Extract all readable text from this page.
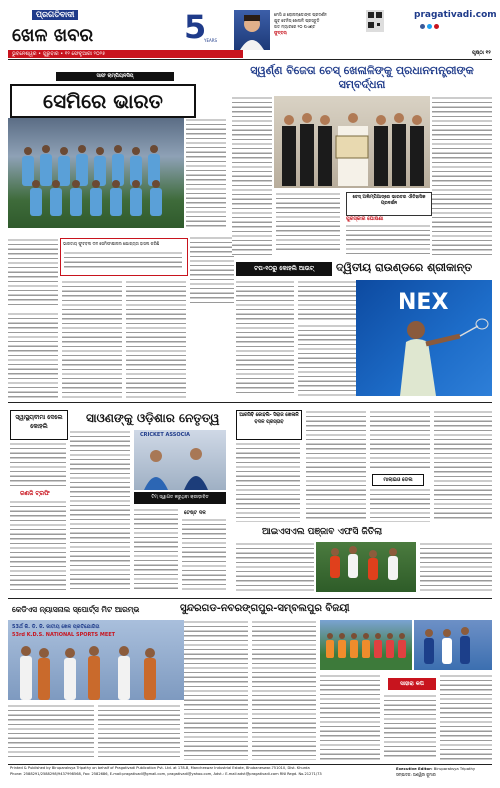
ପ୍ରଗତିବାଦୀ
ଖେଳ ଖବର
ଭୁବନେଶ୍ୱର • ଗୁରୁବାର • ୧୨ ଫେବୃଆରୀ ୨୦୨୫
5
YEARS
ମେସି ଓ ରୋନାଲ୍ଡୋଙ୍କ ପ୍ରଦର୍ଶନ
ଯୁବ ଟେନିସ୍ ଖେଳାଳି ପ୍ରସ୍ତୁତି
ଗତ ମ୍ୟାଚରେ ୨୦ ପଏଣ୍ଟ
ଫୁଟ୍ବଲ୍
pragativadi.com
ପୃଷ୍ଠା ୧୨
ସାଫ ଚାମ୍ପିୟନସିପ୍
ସେମିରେ ଭାରତ
ଭାରତୀୟ ଫୁଟବଲ ଦଳ ସେମିଫାଇନାଲ ଯୋଗ୍ୟତା ହାସଲ କରିଛି
ସ୍ୱର୍ଣ୍ଣ ବିଜେତା ଚେସ୍ ଖେଳାଳିଙ୍କୁ ପ୍ରଧାନମନ୍ତ୍ରୀଙ୍କ ସମ୍ବର୍ଦ୍ଧନା
ଚେସ୍ ଅଲିମ୍ପିଆଡ୍ରେ ଭାରତର ଐତିହାସିକ ପ୍ରଦର୍ଶନ
ପୁରସ୍କାର ଘୋଷଣା
ଟପ-୧୦ରୁ କୋହଲି ଆଉଟ୍	ଦ୍ୱିତୀୟ ରାଉଣ୍ଡରେ ଶ୍ରୀକାନ୍ତ
NEX
ସ୍ୱାସ୍ଥ୍ୟବୀମା ଦେଲେ କୋହଲି
ରଣଜି ଟ୍ରଫି
ସାଓଣଙ୍କୁ ଓଡ଼ିଶାର ନେତୃତ୍ୱ
CRICKET ASSOCIA
ଟିମ୍ ସ୍ୱାଗତ କରୁଥିବା କ୍ରୀଡ଼ାବିତ
ଟେଷ୍ଟ ଦଳ
ଆରସିବି କୋହଲି- ସିରାଜ ଖେଳାଳି ବଦଳ ପ୍ରସ୍ତାବ
ମାଲାଇଓ ଡେଲ
ଆଇଏସଏଲ ପଞ୍ଜାବ ଏଫସି ଜିତିଲା
କେଡିଏସ ନ୍ୟାସନାଲ ସ୍ପୋର୍ଟ୍ସ ମିଟ ଆରମ୍ଭ	ସୁନ୍ଦରଗଡ-ନବରଙ୍ଗପୁର-ସମ୍ବଲପୁର ବିଜୟୀ
53ର୍ଥ କି. ଡି. ଜି. ଜାତୀୟ ଖେଳ ପ୍ରତିଯୋଗିତା
53rd K.D.S. NATIONAL SPORTS MEET
ସାହାରା କପ
Printed & Published by Biruparaksya Tripathy on behalf of Pragativadi Publication Pvt. Ltd. at 178-B, Mancheswar Industrial Estate, Bhubaneswar-751010, Dist. Khurda
Phone: 2588291/2588298/9437998568, Fax: 2582686, E-mail:pragativadi@gmail.com, pragativadi@yahoo.com, Advt.: E-mail:advt@pragativadi.com RNI Regd. No.21271/73
Executive Editor: Biruparaksya Tripathy
ସମ୍ପାଦକ: ଅଶ୍ୱିନୀ କୁମାର
